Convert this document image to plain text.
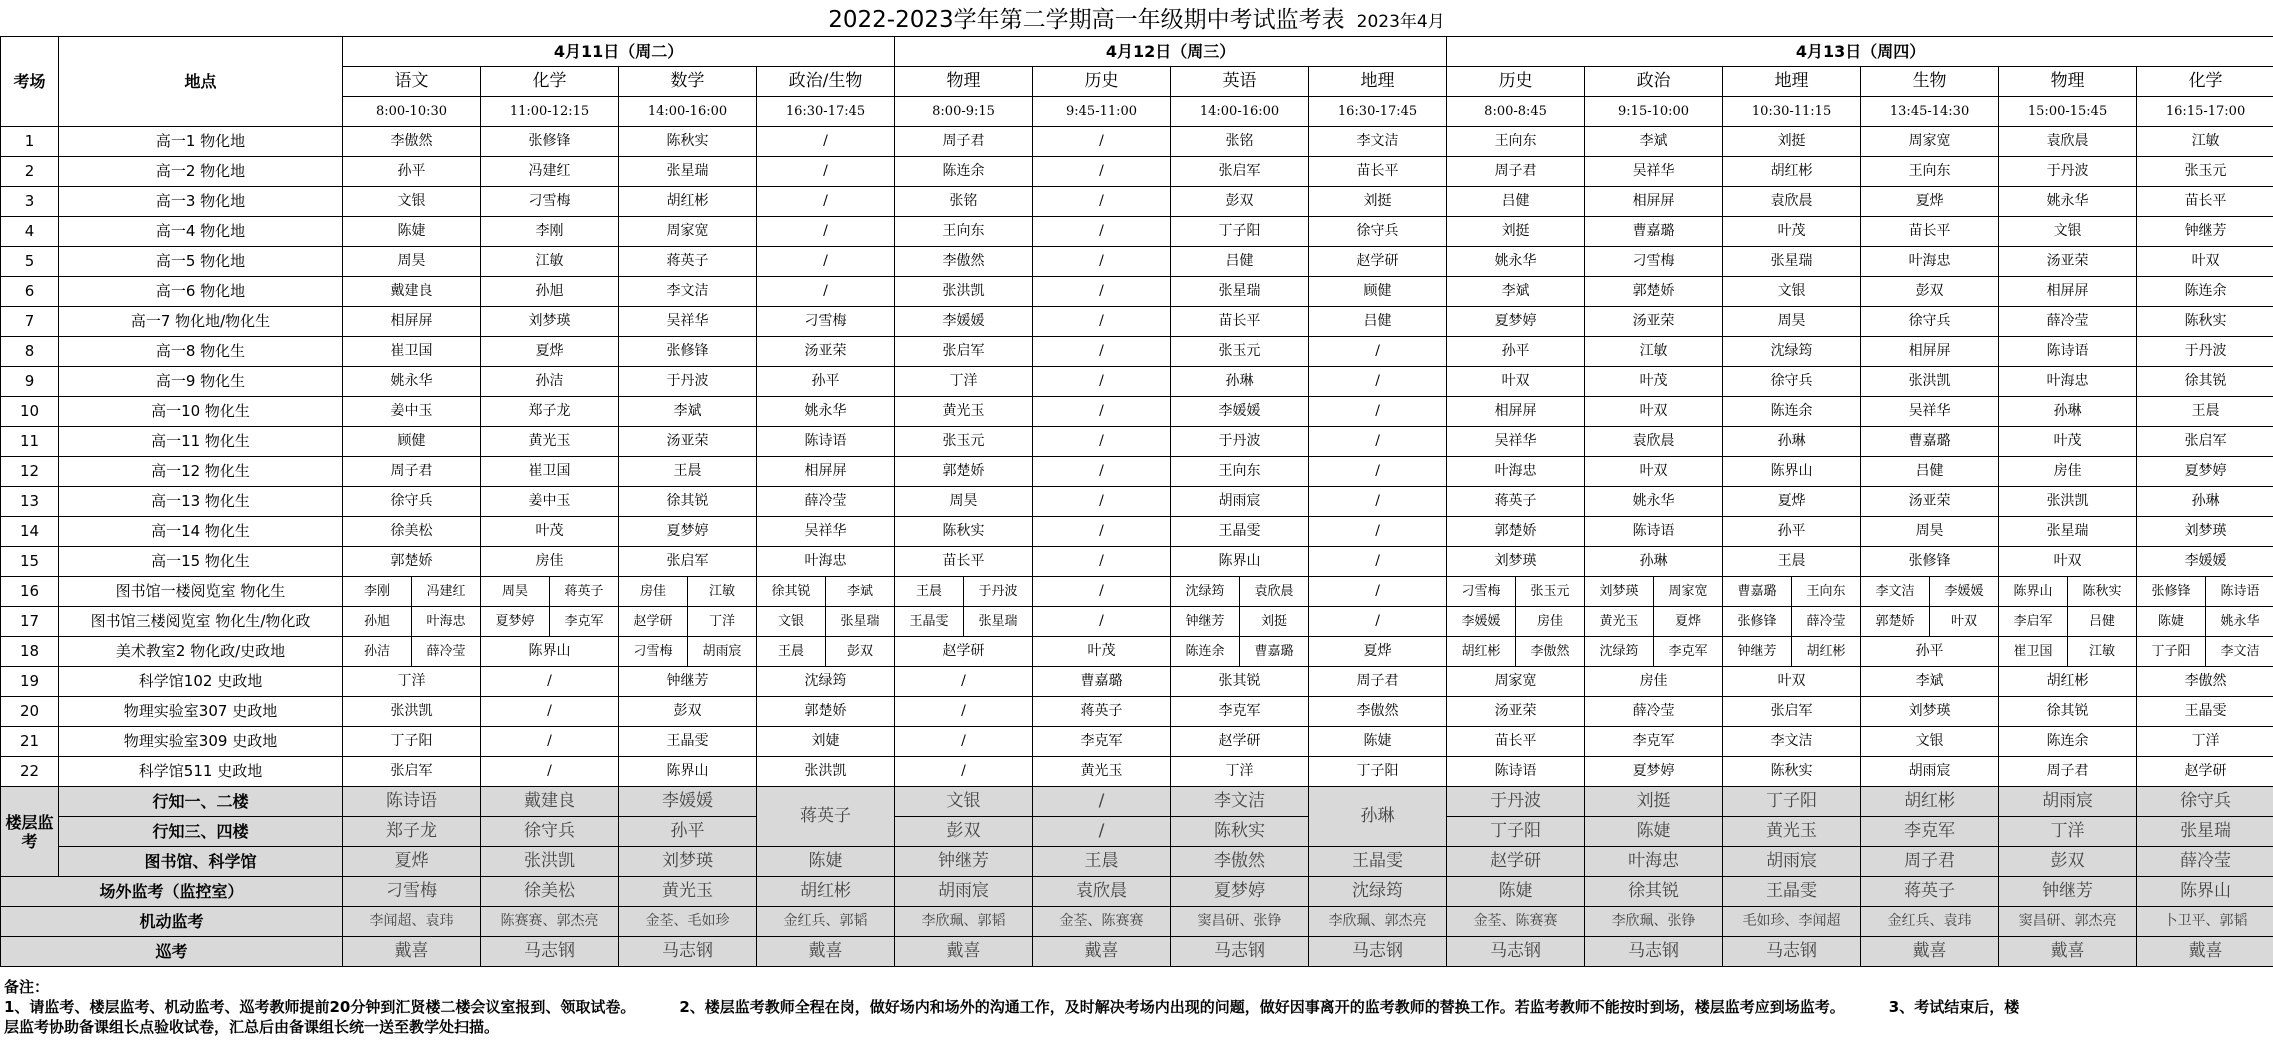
2022-2023学年第二学期高一年级期中考试监考表 2023年4月
考场	地点	4月11日（周二）				4月12日（周三）				4月13日（周四）					
		语文	化学	数学	政治/生物	物理	历史	英语	地理	历史	政治	地理	生物	物理	化学
		8:00-10:30	11:00-12:15	14:00-16:00	16:30-17:45	8:00-9:15	9:45-11:00	14:00-16:00	16:30-17:45	8:00-8:45	9:15-10:00	10:30-11:15	13:45-14:30	15:00-15:45	16:15-17:00
1	高一1 物化地	李傲然	张修锋	陈秋实	/	周子君	/	张铭	李文洁	王向东	李斌	刘挺	周家宽	袁欣晨	江敏
2	高一2 物化地	孙平	冯建红	张星瑞	/	陈连余	/	张启军	苗长平	周子君	吴祥华	胡红彬	王向东	于丹波	张玉元
3	高一3 物化地	文银	刁雪梅	胡红彬	/	张铭	/	彭双	刘挺	吕健	相屏屏	袁欣晨	夏烨	姚永华	苗长平
4	高一4 物化地	陈婕	李刚	周家宽	/	王向东	/	丁子阳	徐守兵	刘挺	曹嘉璐	叶茂	苗长平	文银	钟继芳
5	高一5 物化地	周昊	江敏	蒋英子	/	李傲然	/	吕健	赵学研	姚永华	刁雪梅	张星瑞	叶海忠	汤亚荣	叶双
6	高一6 物化地	戴建良	孙旭	李文洁	/	张洪凯	/	张星瑞	顾健	李斌	郭楚娇	文银	彭双	相屏屏	陈连余
7	高一7 物化地/物化生	相屏屏	刘梦瑛	吴祥华	刁雪梅	李媛媛	/	苗长平	吕健	夏梦婷	汤亚荣	周昊	徐守兵	薛冷莹	陈秋实
8	高一8 物化生	崔卫国	夏烨	张修锋	汤亚荣	张启军	/	张玉元	/	孙平	江敏	沈绿筠	相屏屏	陈诗语	于丹波
9	高一9 物化生	姚永华	孙洁	于丹波	孙平	丁洋	/	孙琳	/	叶双	叶茂	徐守兵	张洪凯	叶海忠	徐其锐
10	高一10 物化生	姜中玉	郑子龙	李斌	姚永华	黄光玉	/	李媛媛	/	相屏屏	叶双	陈连余	吴祥华	孙琳	王晨
11	高一11 物化生	顾健	黄光玉	汤亚荣	陈诗语	张玉元	/	于丹波	/	吴祥华	袁欣晨	孙琳	曹嘉璐	叶茂	张启军
12	高一12 物化生	周子君	崔卫国	王晨	相屏屏	郭楚娇	/	王向东	/	叶海忠	叶双	陈界山	吕健	房佳	夏梦婷
13	高一13 物化生	徐守兵	姜中玉	徐其锐	薛冷莹	周昊	/	胡雨宸	/	蒋英子	姚永华	夏烨	汤亚荣	张洪凯	孙琳
14	高一14 物化生	徐美松	叶茂	夏梦婷	吴祥华	陈秋实	/	王晶雯	/	郭楚娇	陈诗语	孙平	周昊	张星瑞	刘梦瑛
15	高一15 物化生	郭楚娇	房佳	张启军	叶海忠	苗长平	/	陈界山	/	刘梦瑛	孙琳	王晨	张修锋	叶双	李媛媛
16	图书馆一楼阅览室 物化生	李刚 冯建红	周昊 蒋英子	房佳 江敏	徐其锐 李斌	王晨 于丹波	/	沈绿筠 袁欣晨	/	刁雪梅 张玉元	刘梦瑛 周家宽	曹嘉璐 王向东	李文洁 李媛媛	陈界山 陈秋实	张修锋 陈诗语

17	图书馆三楼阅览室 物化生/物化政	孙旭 叶海忠	夏梦婷 李克军	赵学研 丁洋	文银 张星瑞	王晶雯 张星瑞	/	钟继芳 刘挺	/	李媛媛 房佳	黄光玉 夏烨	张修锋 薛冷莹	郭楚娇 叶双	李启军 吕健	陈婕 姚永华

18	美术教室2 物化政/史政地	孙洁 薛冷莹	陈界山	刁雪梅 胡雨宸	王晨 彭双	赵学研	叶茂	陈连余 曹嘉璐	夏烨	胡红彬 李傲然	沈绿筠 李克军	钟继芳 胡红彬	孙平	崔卫国 江敏	丁子阳 李文洁

19	科学馆102 史政地	丁洋	/	钟继芳	沈绿筠	/	曹嘉璐	张其锐	周子君	周家宽	房佳	叶双	李斌	胡红彬	李傲然
20	物理实验室307 史政地	张洪凯	/	彭双	郭楚娇	/	蒋英子	李克军	李傲然	汤亚荣	薛冷莹	张启军	刘梦瑛	徐其锐	王晶雯
21	物理实验室309 史政地	丁子阳	/	王晶雯	刘婕	/	李克军	赵学研	陈婕	苗长平	李克军	李文洁	文银	陈连余	丁洋
22	科学馆511 史政地	张启军	/	陈界山	张洪凯	/	黄光玉	丁洋	丁子阳	陈诗语	夏梦婷	陈秋实	胡雨宸	周子君	赵学研
楼层监考	行知一、二楼	陈诗语	戴建良	李媛媛	蒋英子	文银	/	李文洁	孙琳	于丹波	刘挺	丁子阳	胡红彬	胡雨宸	徐守兵
	行知三、四楼	郑子龙	徐守兵	孙平		彭双	/	陈秋实		丁子阳	陈婕	黄光玉	李克军	丁洋	张星瑞
	图书馆、科学馆	夏烨	张洪凯	刘梦瑛	陈婕	钟继芳	王晨	李傲然	王晶雯	赵学研	叶海忠	胡雨宸	周子君	彭双	薛冷莹
场外监考（监控室）		刁雪梅	徐美松	黄光玉	胡红彬	胡雨宸	袁欣晨	夏梦婷	沈绿筠	陈婕	徐其锐	王晶雯	蒋英子	钟继芳	陈界山
机动监考		李闻超、袁玮	陈赛赛、郭杰亮	金荃、毛如珍	金红兵、郭韬	李欣珮、郭韬	金荃、陈赛赛	窦昌研、张铮	李欣珮、郭杰亮	金荃、陈赛赛	李欣珮、张铮	毛如珍、李闻超	金红兵、袁玮	窦昌研、郭杰亮	卜卫平、郭韬
巡考		戴喜	马志钢	马志钢	戴喜	戴喜	戴喜	马志钢	马志钢	马志钢	马志钢	马志钢	戴喜	戴喜	戴喜

备注：

1、请监考、楼层监考、机动监考、巡考教师提前20分钟到汇贤楼二楼会议室报到、领取试卷。	2、楼层监考教师全程在岗，做好场内和场外的沟通工作，及时解决考场内出现的问题，做好因事离开的监考教师的替换工作。若监考教师不能按时到场，楼层监考应到场监考。	3、考试结束后，楼

层监考协助备课组长点验收试卷，汇总后由备课组长统一送至教学处扫描。
